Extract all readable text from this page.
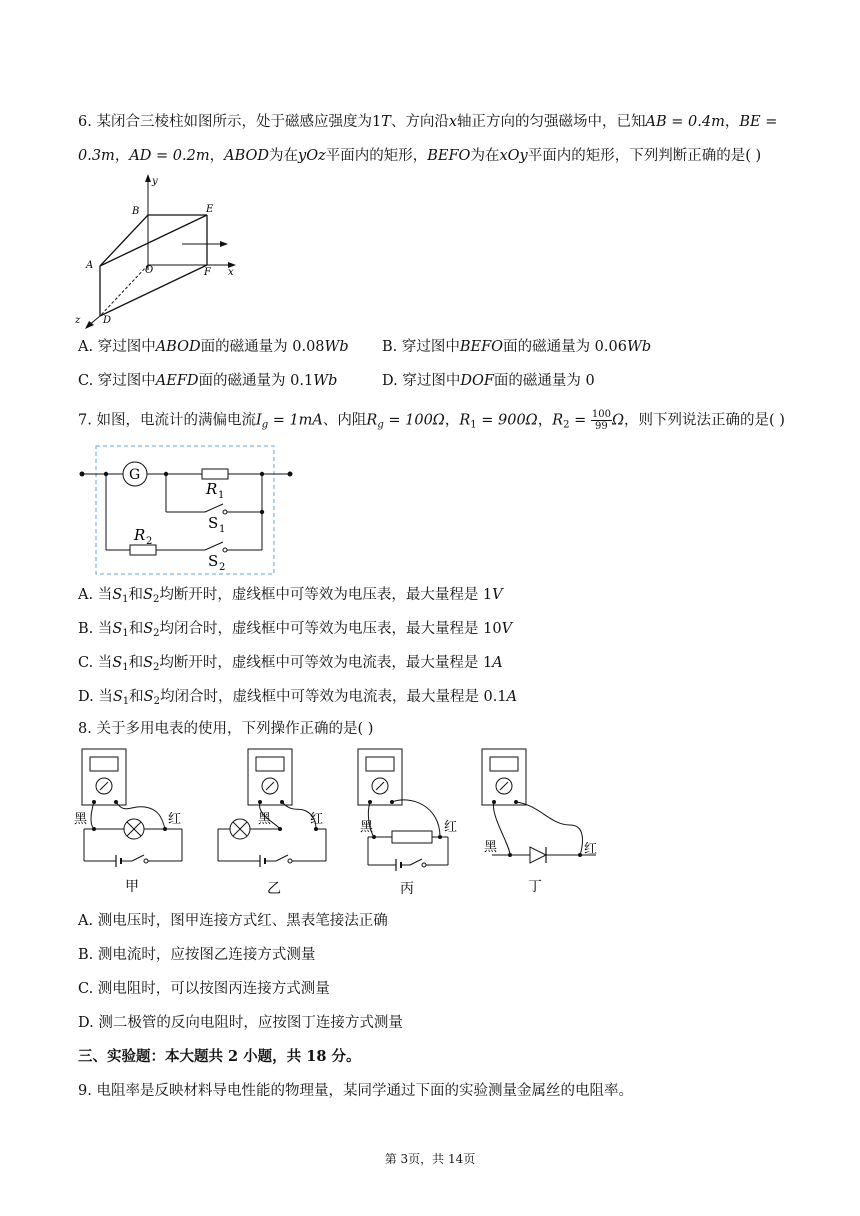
6. 某闭合三棱柱如图所示，处于磁感应强度为1T、方向沿x轴正方向的匀强磁场中，已知AB = 0.4m，BE =
0.3m，AD = 0.2m，ABOD为在yOz平面内的矩形，BEFO为在xOy平面内的矩形，下列判断正确的是( )
y
B	E
A	O	F x
z D
A. 穿过图中ABOD面的磁通量为 0.08Wb B. 穿过图中BEFO面的磁通量为 0.06Wb
C. 穿过图中AEFD面的磁通量为 0.1Wb	D. 穿过图中DOF面的磁通量为 0
7. 如图，电流计的满偏电流$I_g = 1mA$、内阻$R_g = 100\Omega$，$R_1 = 900\Omega$，$R_2 = \frac{100}{99}$ Ω，则下列说法正确的是( )
G
R 1
S 1
R 2
S 2
A. 当$S_1$和$S_2$均断开时，虚线框中可等效为电压表，最大量程是 1V
B. 当$S_1$和$S_2$均闭合时，虚线框中可等效为电压表，最大量程是 10V
C. 当$S_1$和$S_2$均断开时，虚线框中可等效为电流表，最大量程是 1A
D. 当$S_1$和$S_2$均闭合时，虚线框中可等效为电流表，最大量程是 0.1A
8. 关于多用电表的使用，下列操作正确的是( )
黑	红
甲
黑	红
乙
黑	红
丙
黑	红
丁
A. 测电压时，图甲连接方式红、黑表笔接法正确
B. 测电流时，应按图乙连接方式测量
C. 测电阻时，可以按图丙连接方式测量
D. 测二极管的反向电阻时，应按图丁连接方式测量
三、实验题：本大题共 2 小题，共 18 分。
9. 电阻率是反映材料导电性能的物理量，某同学通过下面的实验测量金属丝的电阻率。
第 3页，共 14页
